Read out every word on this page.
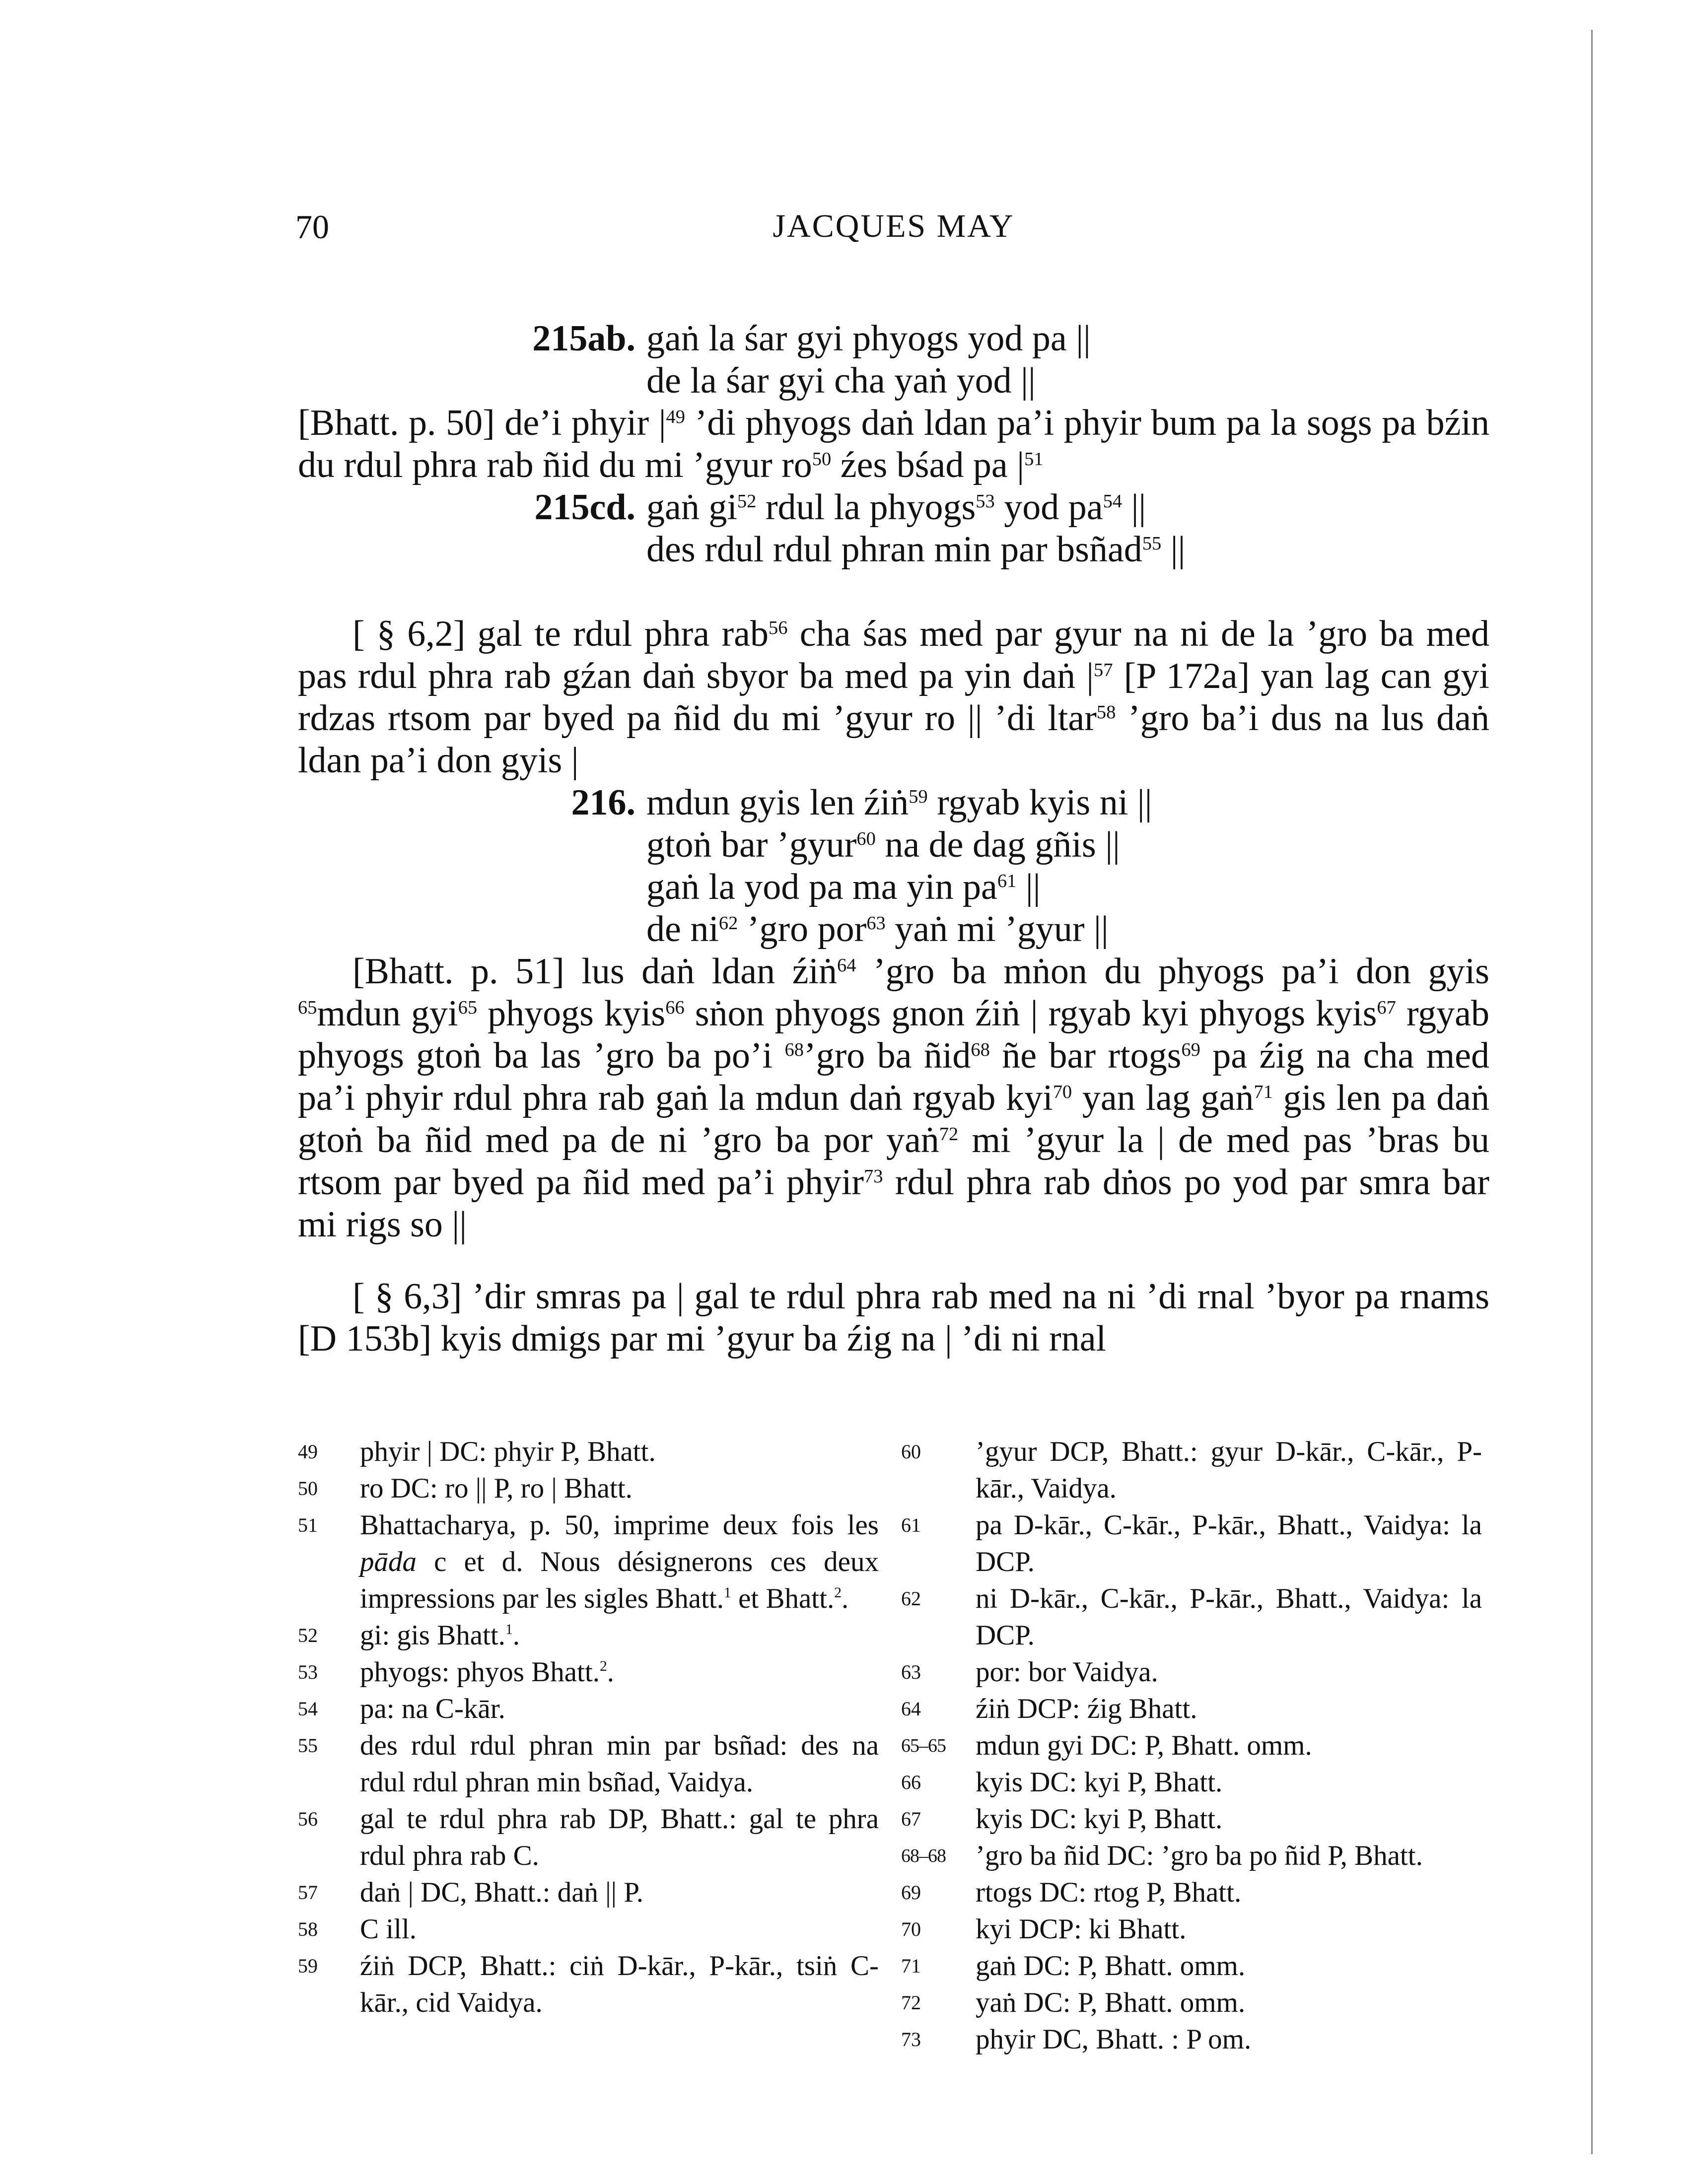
70	JACQUES MAY
215ab. gaṅ la śar gyi phyogs yod pa ||
de la śar gyi cha yaṅ yod ||
[Bhatt. p. 50] de’i phyir $|^{49}$ ’di phyogs daṅ ldan pa’i phyir bum pa la sogs pa bźin du rdul phra rab ñid du mi ’gyur $ro^{50}$ źes bśad pa $|^{51}$
215cd. gaṅ $gi^{52}$ rdul la phyogs$^{53}$ yod $pa^{54}$ ||
des rdul rdul phran min par bsñad$^{55}$ ||
[ § 6,2] gal te rdul phra rab$^{56}$ cha śas med par gyur na ni de la ’gro ba med pas rdul phra rab gźan daṅ sbyor ba med pa yin daṅ $|^{57}$ [P 172a] yan lag can gyi rdzas rtsom par byed pa ñid du mi ’gyur ro || ’di ltar$^{58}$ ’gro ba’i dus na lus daṅ ldan pa’i don gyis |
216. mdun gyis len źiṅ$^{59}$ rgyab kyis ni ||
gtoṅ bar ’gyur$^{60}$ na de dag gñis ||
gaṅ la yod pa ma yin $pa^{61}$ ||
de $ni^{62}$ ’gro por$^{63}$ yaṅ mi ’gyur ||
[Bhatt. p. 51] lus daṅ ldan źiṅ$^{64}$ ’gro ba mṅon du phyogs pa’i don gyis $^{65}$mdun gyi$^{65}$ phyogs kyis$^{66}$ sṅon phyogs gnon źiṅ | rgyab kyi phyogs kyis$^{67}$ rgyab phyogs gtoṅ ba las ’gro ba po’i $^{68}$’gro ba ñid$^{68}$ ñe bar rtogs$^{69}$ pa źig na cha med pa’i phyir rdul phra rab gaṅ la mdun daṅ rgyab kyi$^{70}$ yan lag gaṅ$^{71}$ gis len pa daṅ gtoṅ ba ñid med pa de ni ’gro ba por yaṅ$^{72}$ mi ’gyur la | de med pas ’bras bu rtsom par byed pa ñid med pa’i phyir$^{73}$ rdul phra rab dṅos po yod par smra bar mi rigs so ||
[ § 6,3] ’dir smras pa | gal te rdul phra rab med na ni ’di rnal ’byor pa rnams [D 153b] kyis dmigs par mi ’gyur ba źig na | ’di ni rnal
49 phyir | DC: phyir P, Bhatt.
50 ro DC: ro || P, ro | Bhatt.
51 Bhattacharya, p. 50, imprime deux fois les pāda c et d. Nous désignerons ces deux impressions par les sigles Bhatt.$^1$ et Bhatt.$^2$.
52 gi: gis Bhatt.$^1$.
53 phyogs: phyos Bhatt.$^2$.
54 pa: na C-kār.
55 des rdul rdul phran min par bsñad: des na rdul rdul phran min bsñad, Vaidya.
56 gal te rdul phra rab DP, Bhatt.: gal te phra rdul phra rab C.
57 daṅ | DC, Bhatt.: daṅ || P.
58 C ill.
59 źiṅ DCP, Bhatt.: ciṅ D-kār., P-kār., tsiṅ C-kār., cid Vaidya.
60 ’gyur DCP, Bhatt.: gyur D-kār., C-kār., P-kār., Vaidya.
61 pa D-kār., C-kār., P-kār., Bhatt., Vaidya: la DCP.
62 ni D-kār., C-kār., P-kār., Bhatt., Vaidya: la DCP.
63 por: bor Vaidya.
64 źiṅ DCP: źig Bhatt.
65–65 mdun gyi DC: P, Bhatt. omm.
66 kyis DC: kyi P, Bhatt.
67 kyis DC: kyi P, Bhatt.
68–68 ’gro ba ñid DC: ’gro ba po ñid P, Bhatt.
69 rtogs DC: rtog P, Bhatt.
70 kyi DCP: ki Bhatt.
71 gaṅ DC: P, Bhatt. omm.
72 yaṅ DC: P, Bhatt. omm.
73 phyir DC, Bhatt. : P om.
